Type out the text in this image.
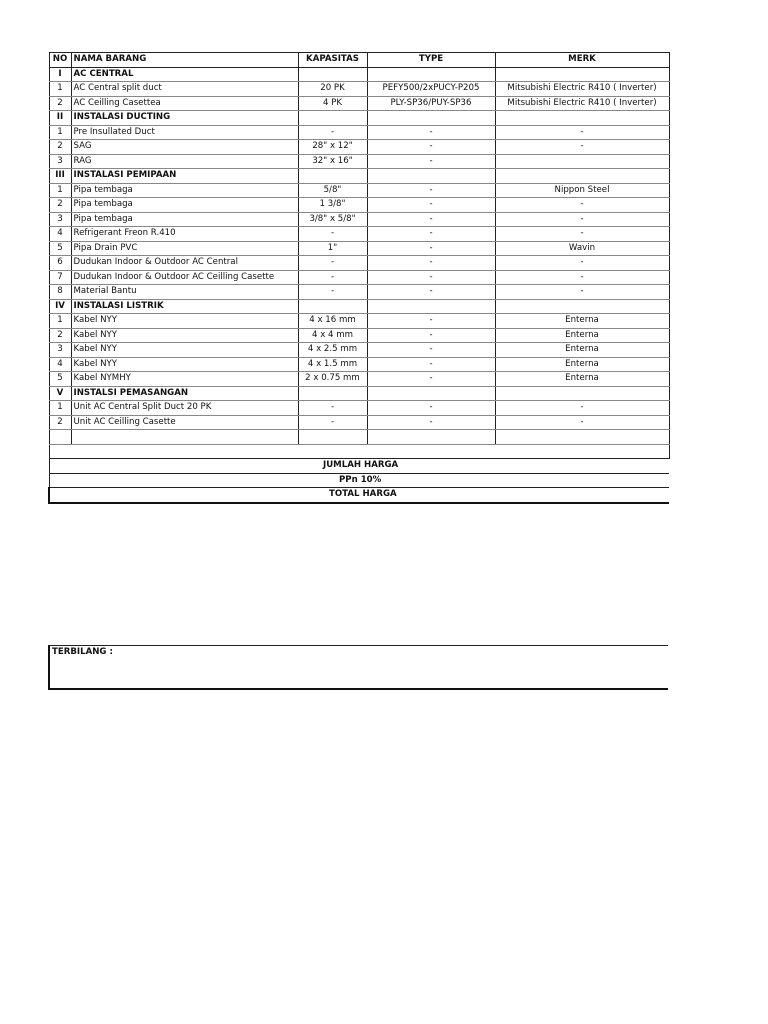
NO	NAMA BARANG	KAPASITAS	TYPE	MERK
I	AC CENTRAL			
1	AC Central split duct	20 PK	PEFY500/2xPUCY-P205	Mitsubishi Electric R410 ( Inverter)
2	AC Ceilling Casettea	4 PK	PLY-SP36/PUY-SP36	Mitsubishi Electric R410 ( Inverter)
II	INSTALASI DUCTING			
1	Pre Insullated Duct	-	-	-
2	SAG	28" x 12"	-	-
3	RAG	32" x 16"	-	
III	INSTALASI PEMIPAAN			
1	Pipa tembaga	5/8"	-	Nippon Steel
2	Pipa tembaga	1 3/8"	-	-
3	Pipa tembaga	3/8" x 5/8"	-	-
4	Refrigerant Freon R.410	-	-	-
5	Pipa Drain PVC	1"	-	Wavin
6	Dudukan Indoor & Outdoor AC Central	-	-	-
7	Dudukan Indoor & Outdoor AC Ceilling Casette	-	-	-
8	Material Bantu	-	-	-
IV	INSTALASI LISTRIK			
1	Kabel NYY	4 x 16 mm	-	Enterna
2	Kabel NYY	4 x 4 mm	-	Enterna
3	Kabel NYY	4 x 2.5 mm	-	Enterna
4	Kabel NYY	4 x 1.5 mm	-	Enterna
5	Kabel NYMHY	2 x 0.75 mm	-	Enterna
V	INSTALSI PEMASANGAN			
1	Unit AC Central Split Duct 20 PK	-	-	-
2	Unit AC Ceilling Casette	-	-	-

			JUMLAH HARGA	
			PPn 10%	
			TOTAL HARGA	
TERBILANG :
